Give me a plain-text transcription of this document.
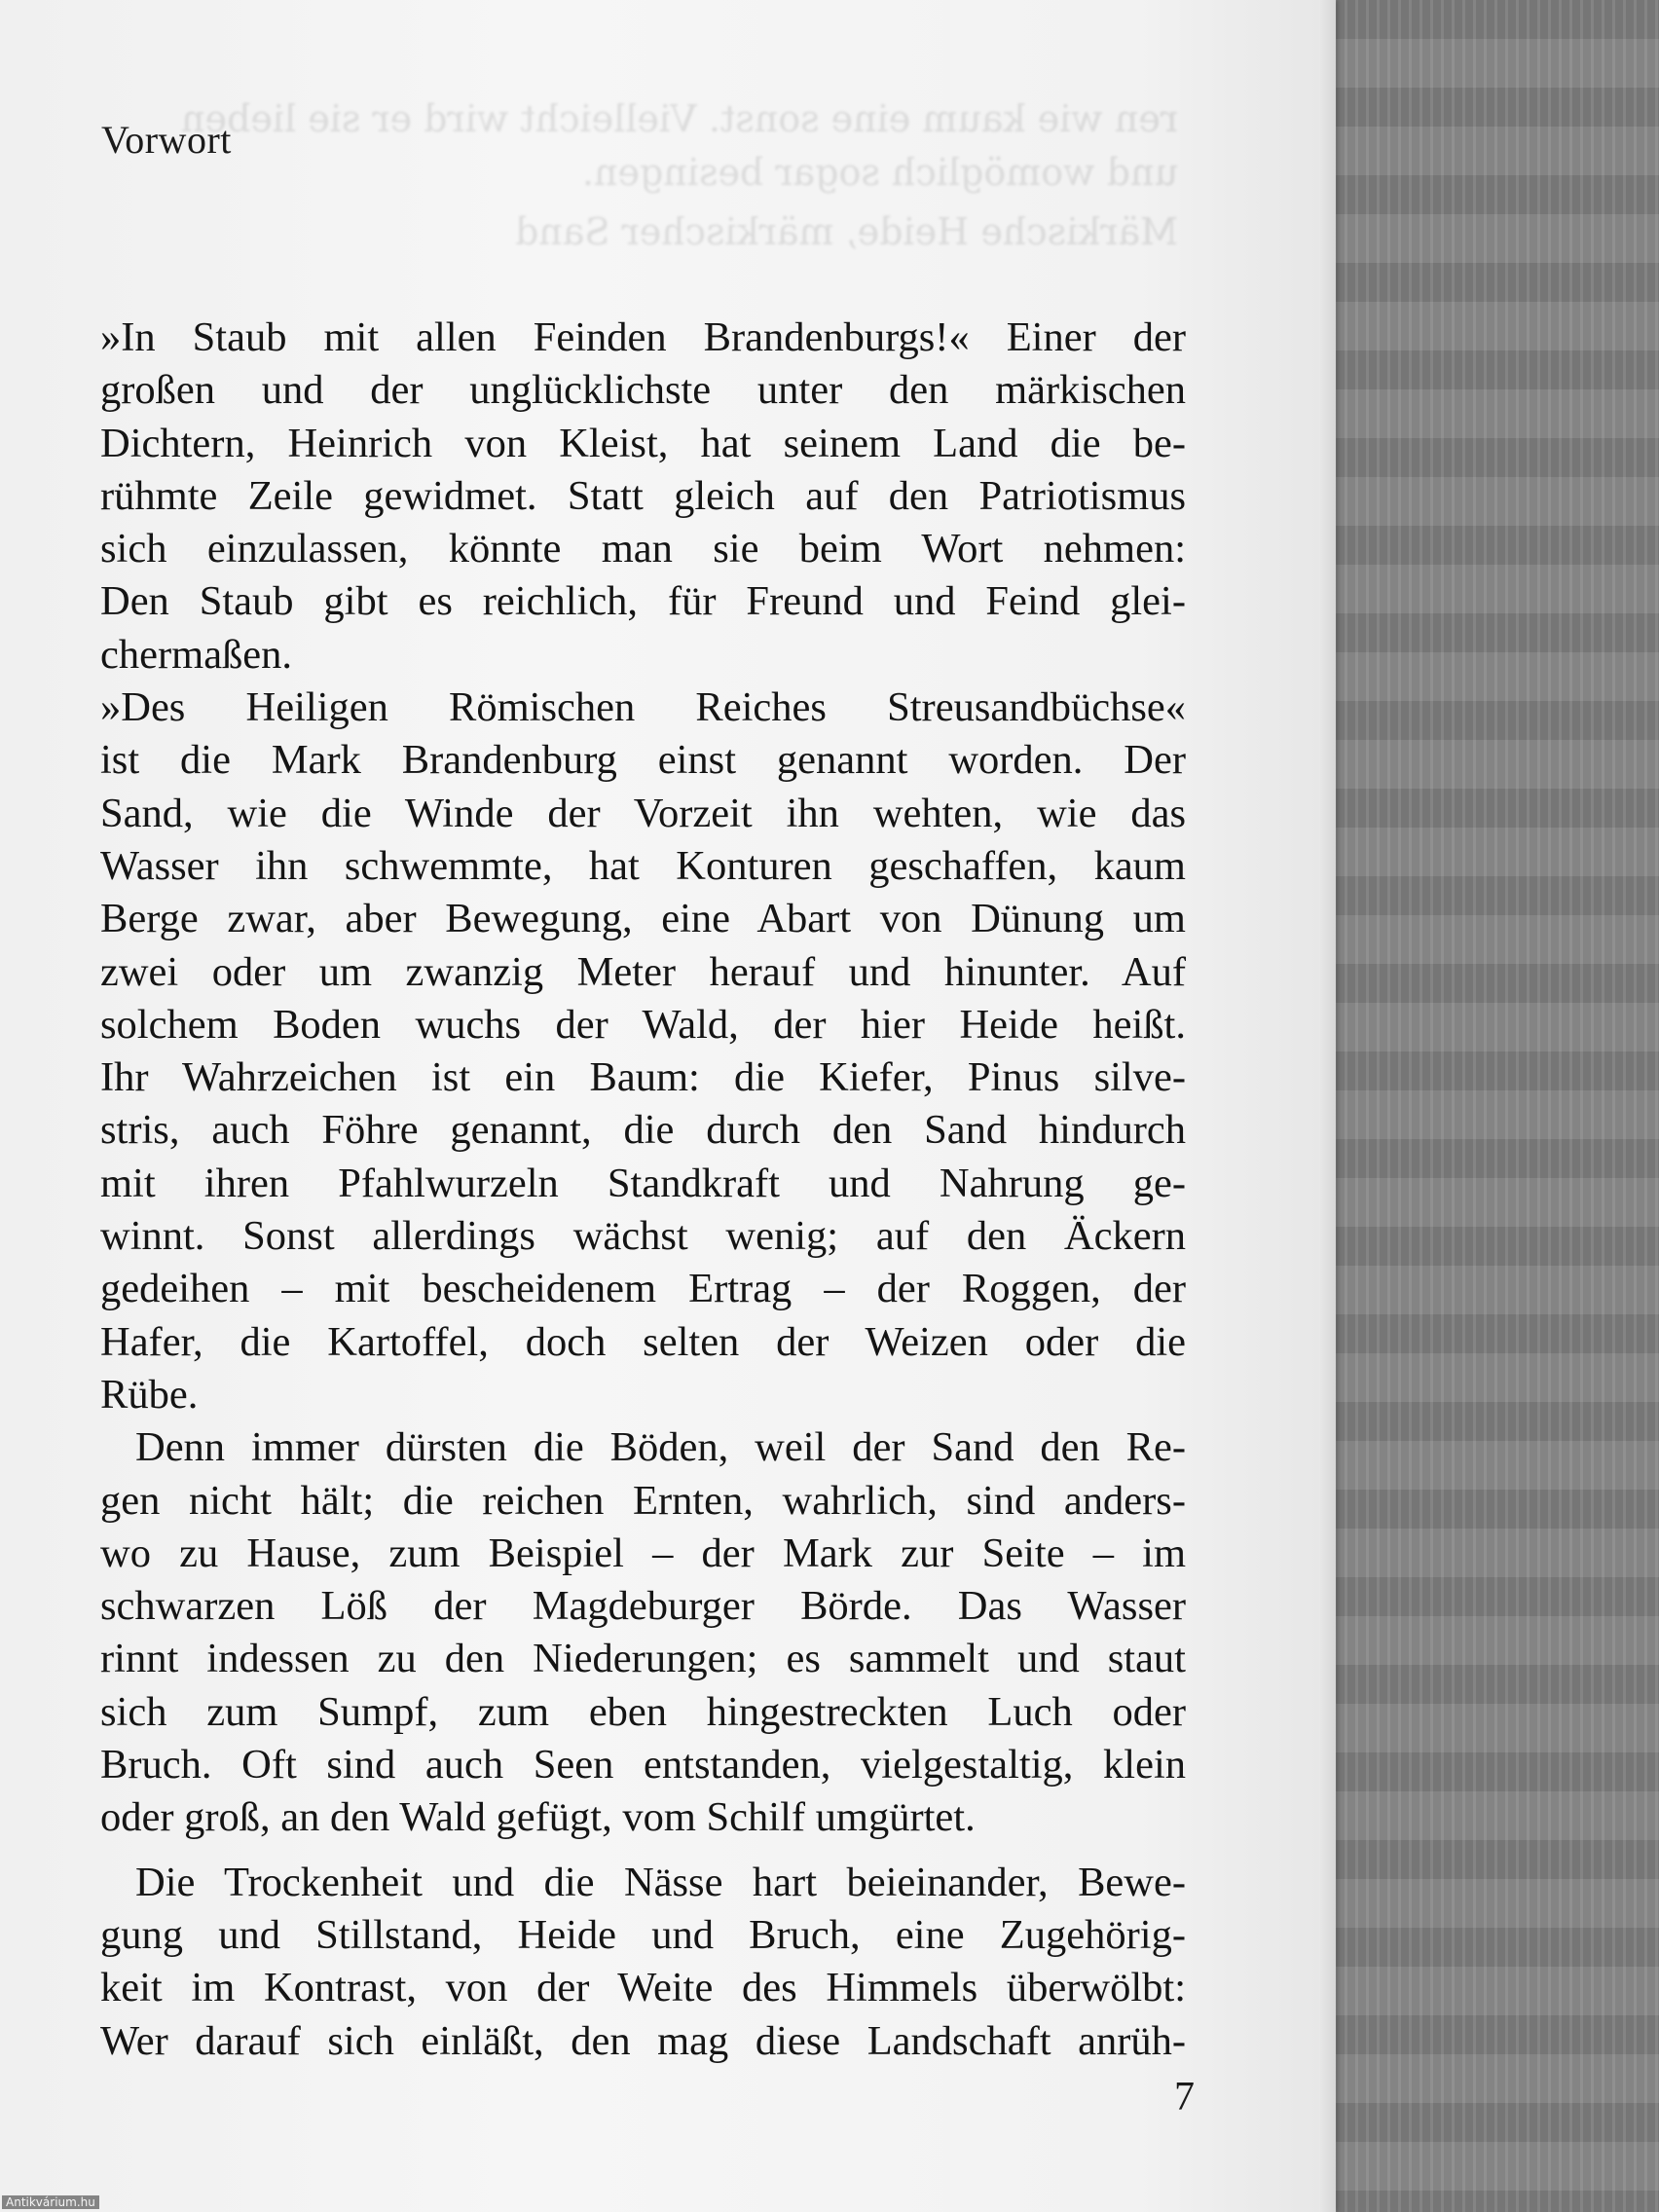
ren wie kaum eine sonst. Vielleicht wird er sie lieben
und womöglich sogar besingen.
Märkische Heide, märkischer Sand
Vorwort
»In Staub mit allen Feinden Brandenburgs!« Einer der
großen und der unglücklichste unter den märkischen
Dichtern, Heinrich von Kleist, hat seinem Land die be-
rühmte Zeile gewidmet. Statt gleich auf den Patriotismus
sich einzulassen, könnte man sie beim Wort nehmen:
Den Staub gibt es reichlich, für Freund und Feind glei-
chermaßen.
»Des Heiligen Römischen Reiches Streusandbüchse«
ist die Mark Brandenburg einst genannt worden. Der
Sand, wie die Winde der Vorzeit ihn wehten, wie das
Wasser ihn schwemmte, hat Konturen geschaffen, kaum
Berge zwar, aber Bewegung, eine Abart von Dünung um
zwei oder um zwanzig Meter herauf und hinunter. Auf
solchem Boden wuchs der Wald, der hier Heide heißt.
Ihr Wahrzeichen ist ein Baum: die Kiefer, Pinus silve-
stris, auch Föhre genannt, die durch den Sand hindurch
mit ihren Pfahlwurzeln Standkraft und Nahrung ge-
winnt. Sonst allerdings wächst wenig; auf den Äckern
gedeihen – mit bescheidenem Ertrag – der Roggen, der
Hafer, die Kartoffel, doch selten der Weizen oder die
Rübe.
Denn immer dürsten die Böden, weil der Sand den Re-
gen nicht hält; die reichen Ernten, wahrlich, sind anders-
wo zu Hause, zum Beispiel – der Mark zur Seite – im
schwarzen Löß der Magdeburger Börde. Das Wasser
rinnt indessen zu den Niederungen; es sammelt und staut
sich zum Sumpf, zum eben hingestreckten Luch oder
Bruch. Oft sind auch Seen entstanden, vielgestaltig, klein
oder groß, an den Wald gefügt, vom Schilf umgürtet.
Die Trockenheit und die Nässe hart beieinander, Bewe-
gung und Stillstand, Heide und Bruch, eine Zugehörig-
keit im Kontrast, von der Weite des Himmels überwölbt:
Wer darauf sich einläßt, den mag diese Landschaft anrüh-
7
Antikvárium.hu
